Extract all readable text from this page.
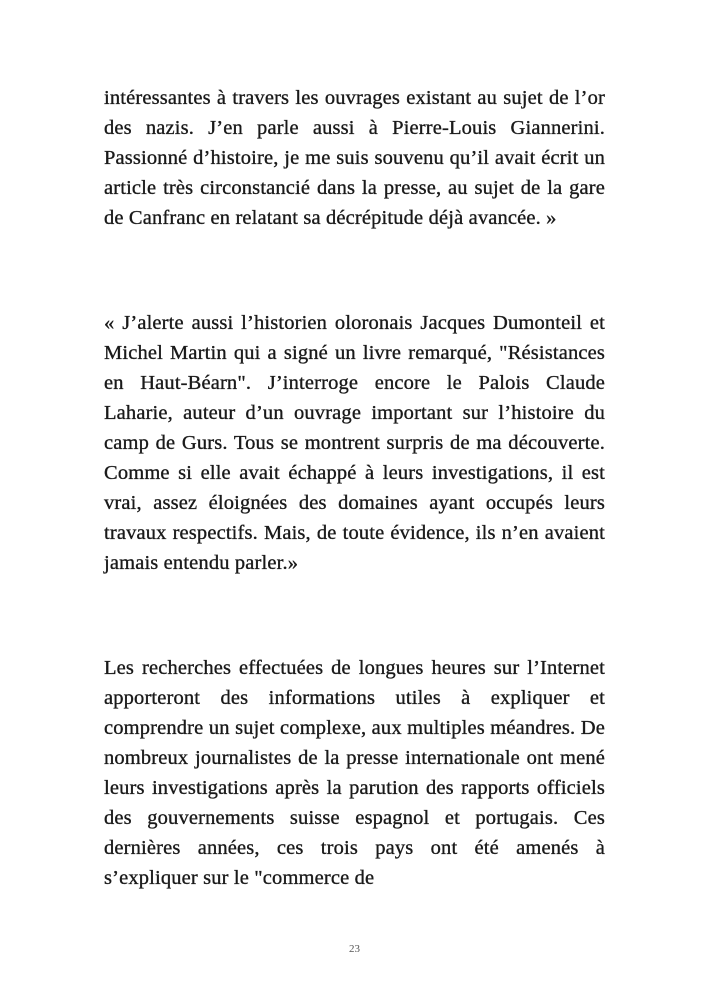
intéressantes à travers les ouvrages existant au sujet de l’or des nazis. J’en parle aussi à Pierre-Louis Giannerini. Passionné d’histoire, je me suis souvenu qu’il avait écrit un article très circonstancié dans la presse, au sujet de la gare de Canfranc en relatant sa décrépitude déjà avancée. »

« J’alerte aussi l’historien oloronais Jacques Dumonteil et Michel Martin qui a signé un livre remarqué, "Résistances en Haut-Béarn". J’interroge encore le Palois Claude Laharie, auteur d’un ouvrage important sur l’histoire du camp de Gurs. Tous se montrent surpris de ma découverte. Comme si elle avait échappé à leurs investigations, il est vrai, assez éloignées des domaines ayant occupés leurs travaux respectifs. Mais, de toute évidence, ils n’en avaient jamais entendu parler.»

Les recherches effectuées de longues heures sur l’Internet apporteront des informations utiles à expliquer et comprendre un sujet complexe, aux multiples méandres. De nombreux journalistes de la presse internationale ont mené leurs investigations après la parution des rapports officiels des gouvernements suisse espagnol et portugais. Ces dernières années, ces trois pays ont été amenés à s’expliquer sur le "commerce de

23
